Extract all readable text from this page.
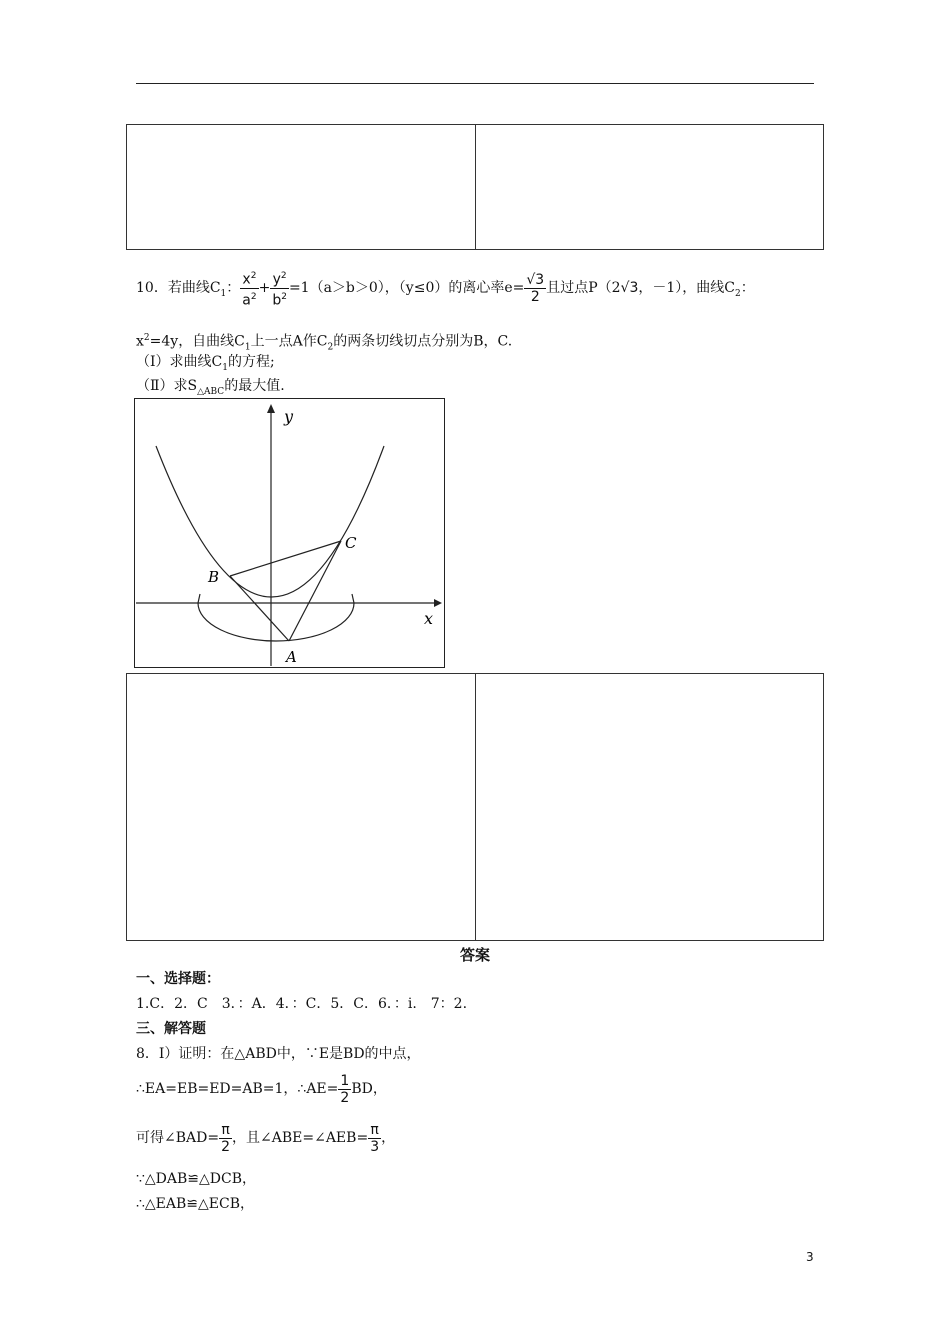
10．若曲线$C_1$： $\frac{x^2}{a^2} + \frac{y^2}{b^2} =1(a>b>0)$，（y≤0）的离心率$e= \frac{√3}{2}$ 且过点P（2√3，－1），曲线$C_2$：
$x^2=4y$，自曲线$C_1$上一点A作$C_2$的两条切线切点分别为B，C.
（Ⅰ）求曲线$C_1$的方程;
（Ⅱ）求$S_{\triangle ABC}$的最大值.
y
x
B
C
A
答案
一、选择题：
1.C．2．C　3．：A．4．：C．5．C．6．：i.　7：2.
三、解答题
8．Ⅰ）证明：在△ABD中，∵E是BD的中点，
∴EA=EB=ED=AB=1，∴AE= $\frac{1}{2}$ BD，
可得∠BAD= $\frac{\pi}{2}$ ，且∠ABE=∠AEB= $\frac{\pi}{3}$ ，
∵△DAB≌△DCB，
∴△EAB≌△ECB，
3
